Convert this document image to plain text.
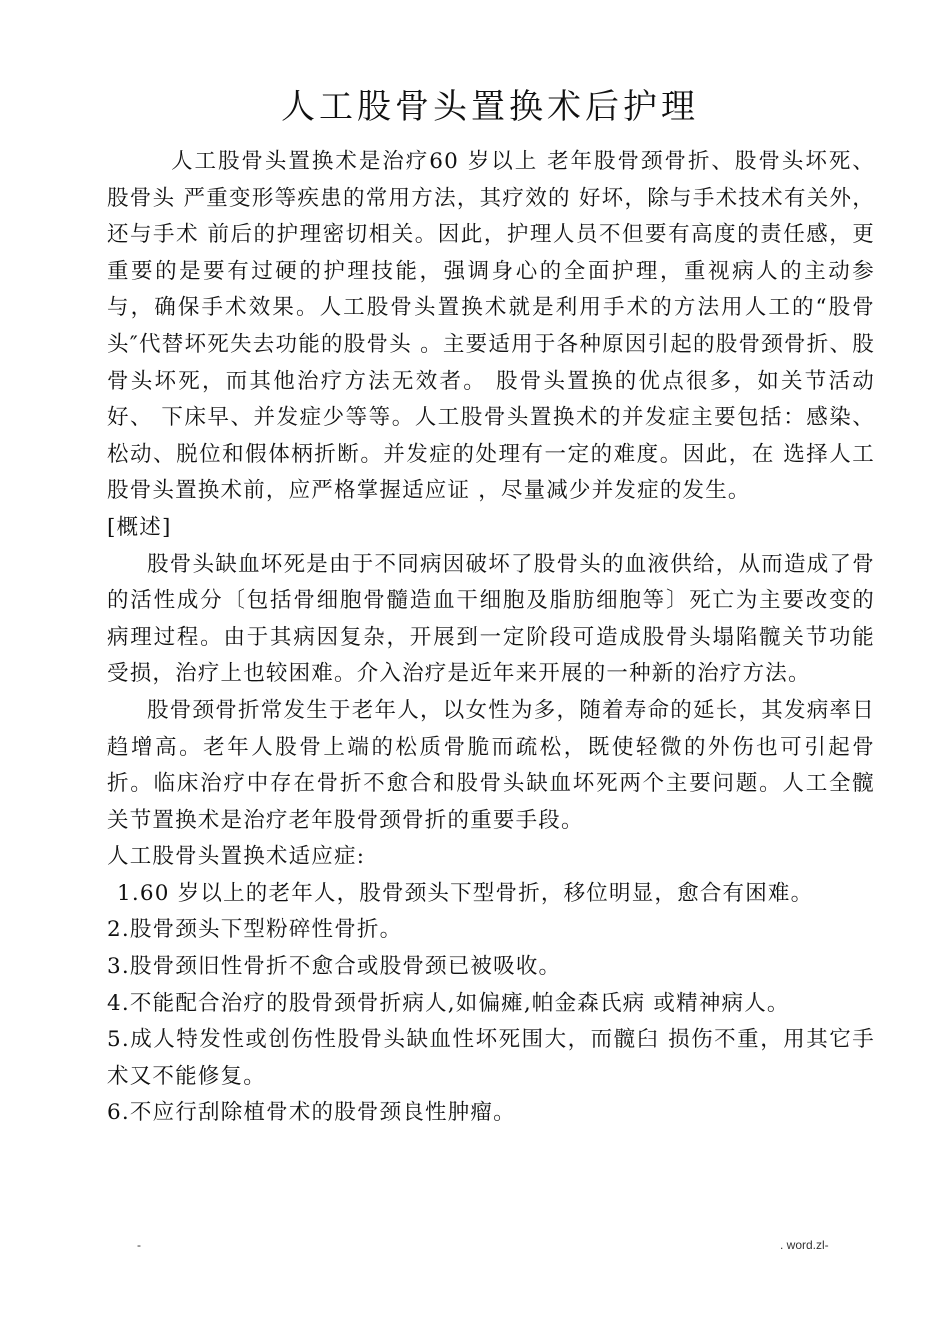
人工股骨头置换术后护理

人工股骨头置换术是治疗60 岁以上 老年股骨颈骨折、股骨头坏死、股骨头 严重变形等疾患的常用方法，其疗效的 好坏，除与手术技术有关外，还与手术 前后的护理密切相关。因此，护理人员不但要有高度的责任感，更重要的是要有过硬的护理技能，强调身心的全面护理，重视病人的主动参与，确保手术效果。人工股骨头置换术就是利用手术的方法用人工的“股骨头″代替坏死失去功能的股骨头 。主要适用于各种原因引起的股骨颈骨折、股骨头坏死，而其他治疗方法无效者。 股骨头置换的优点很多，如关节活动好、 下床早、并发症少等等。人工股骨头置换术的并发症主要包括：感染、松动、脱位和假体柄折断。并发症的处理有一定的难度。因此，在 选择人工股骨头置换术前，应严格掌握适应证 ，尽量减少并发症的发生。

[概述]

股骨头缺血坏死是由于不同病因破坏了股骨头的血液供给，从而造成了骨的活性成分〔包括骨细胞骨髓造血干细胞及脂肪细胞等〕死亡为主要改变的病理过程。由于其病因复杂，开展到一定阶段可造成股骨头塌陷髋关节功能受损，治疗上也较困难。介入治疗是近年来开展的一种新的治疗方法。

股骨颈骨折常发生于老年人，以女性为多，随着寿命的延长，其发病率日趋增高。老年人股骨上端的松质骨脆而疏松，既使轻微的外伤也可引起骨折。临床治疗中存在骨折不愈合和股骨头缺血坏死两个主要问题。人工全髋关节置换术是治疗老年股骨颈骨折的重要手段。

人工股骨头置换术适应症:

1.60 岁以上的老年人，股骨颈头下型骨折，移位明显，愈合有困难。

2.股骨颈头下型粉碎性骨折。

3.股骨颈旧性骨折不愈合或股骨颈已被吸收。

4.不能配合治疗的股骨颈骨折病人,如偏瘫,帕金森氏病 或精神病人。

5.成人特发性或创伤性股骨头缺血性坏死围大，而髋臼 损伤不重，用其它手术又不能修复。

6.不应行刮除植骨术的股骨颈良性肿瘤。

-	. word.zl-
